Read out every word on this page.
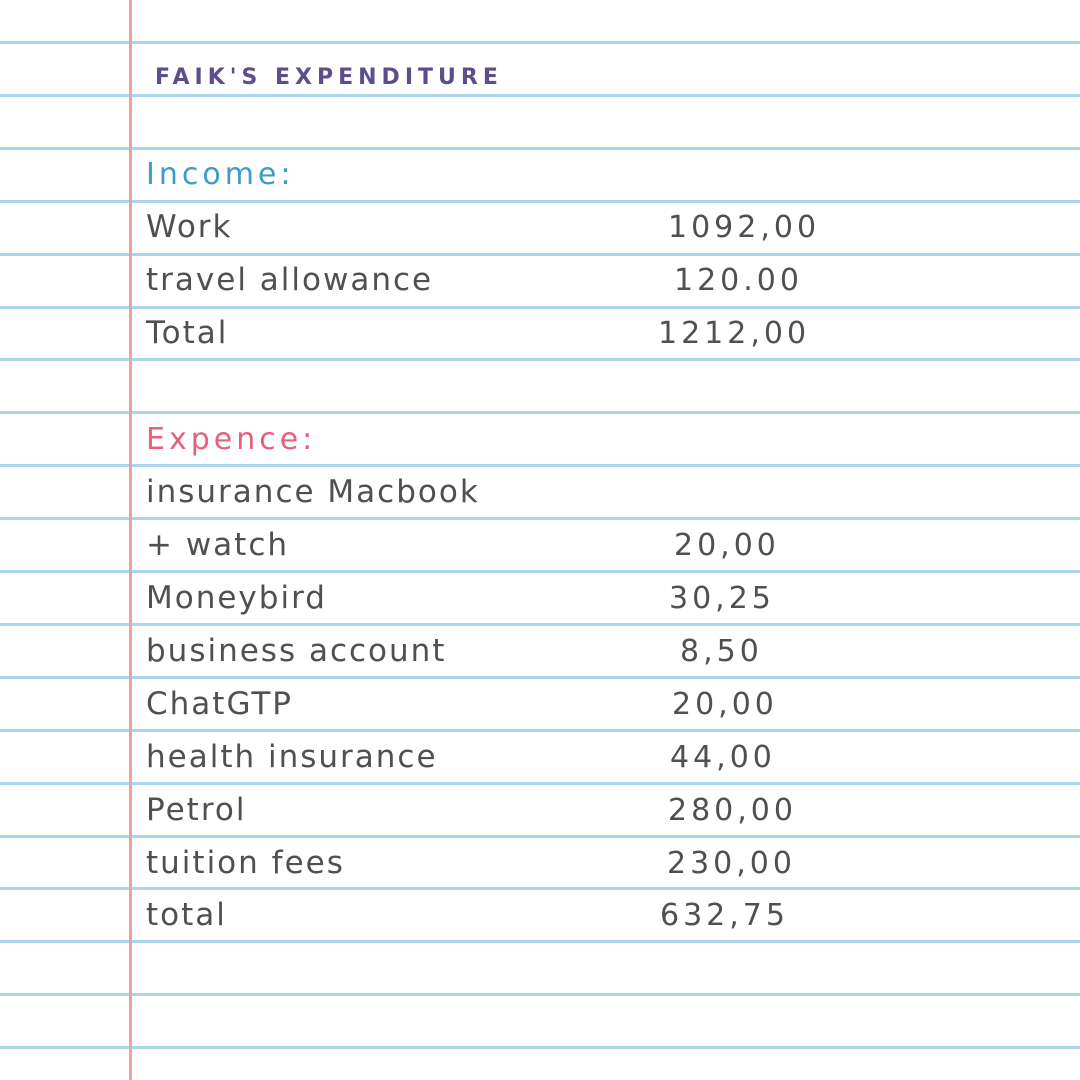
FAIK'S EXPENDITURE
Income:
Work	1092,00
travel allowance	120.00
Total	1212,00
Expence:
insurance Macbook
+ watch	20,00
Moneybird	30,25
business account	8,50
ChatGTP	20,00
health insurance	44,00
Petrol	280,00
tuition fees	230,00
total	632,75
